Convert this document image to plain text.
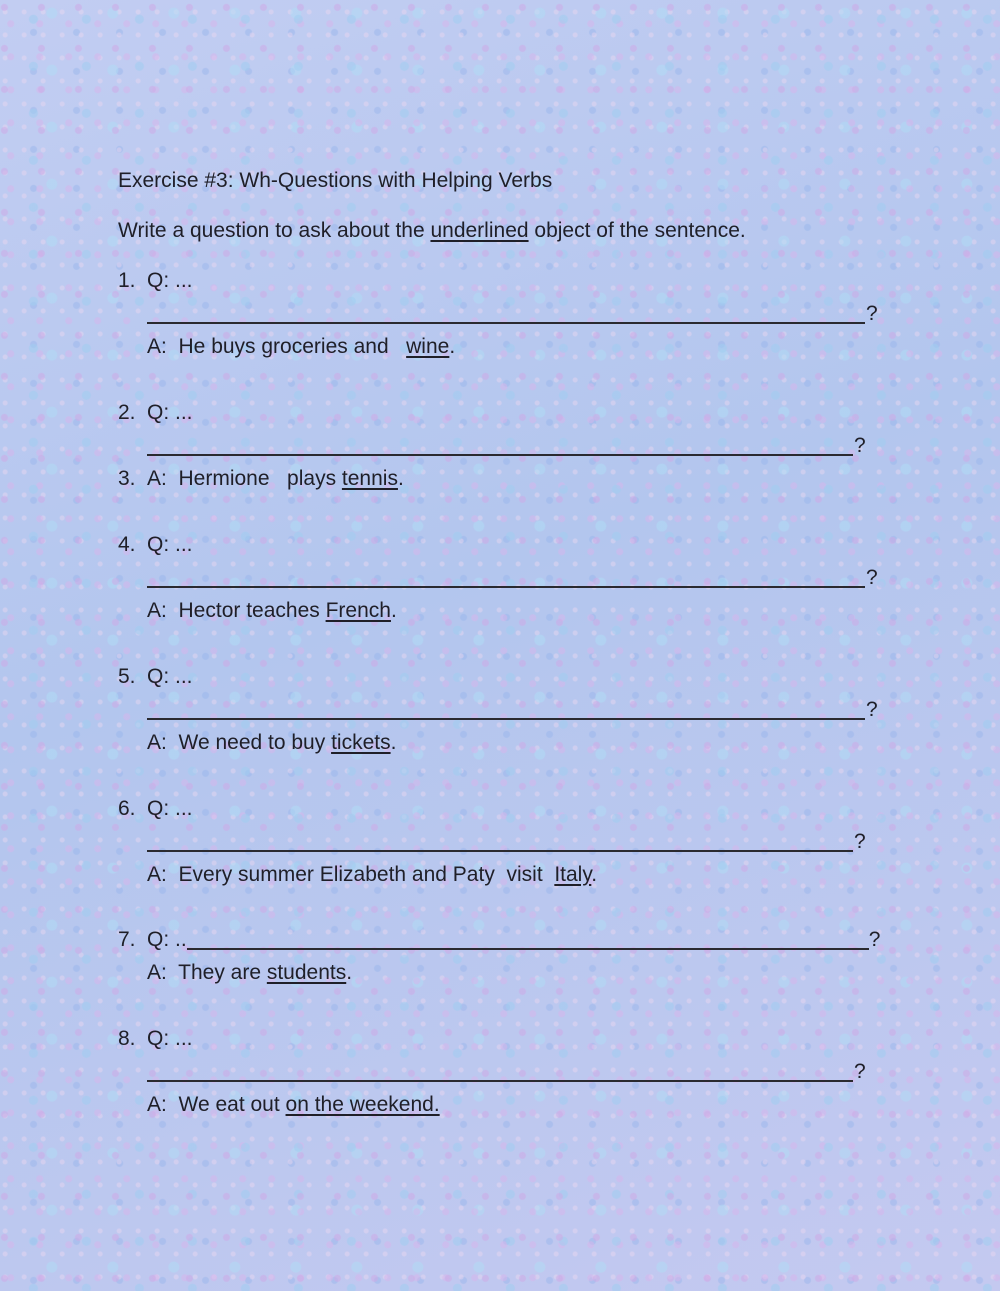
Exercise #3: Wh-Questions with Helping Verbs
Write a question to ask about the underlined object of the sentence.
1. Q: ...
?
A:  He buys groceries and   wine.
2. Q: ...
?
3. A:  Hermione   plays tennis.
4. Q: ...
?
A:  Hector teaches French.
5. Q: ...
?
A:  We need to buy tickets.
6. Q: ...
?
A:  Every summer Elizabeth and Paty  visit  Italy.
7. Q: ..	?
A:  They are students.
8. Q: ...
?
A:  We eat out on the weekend.
